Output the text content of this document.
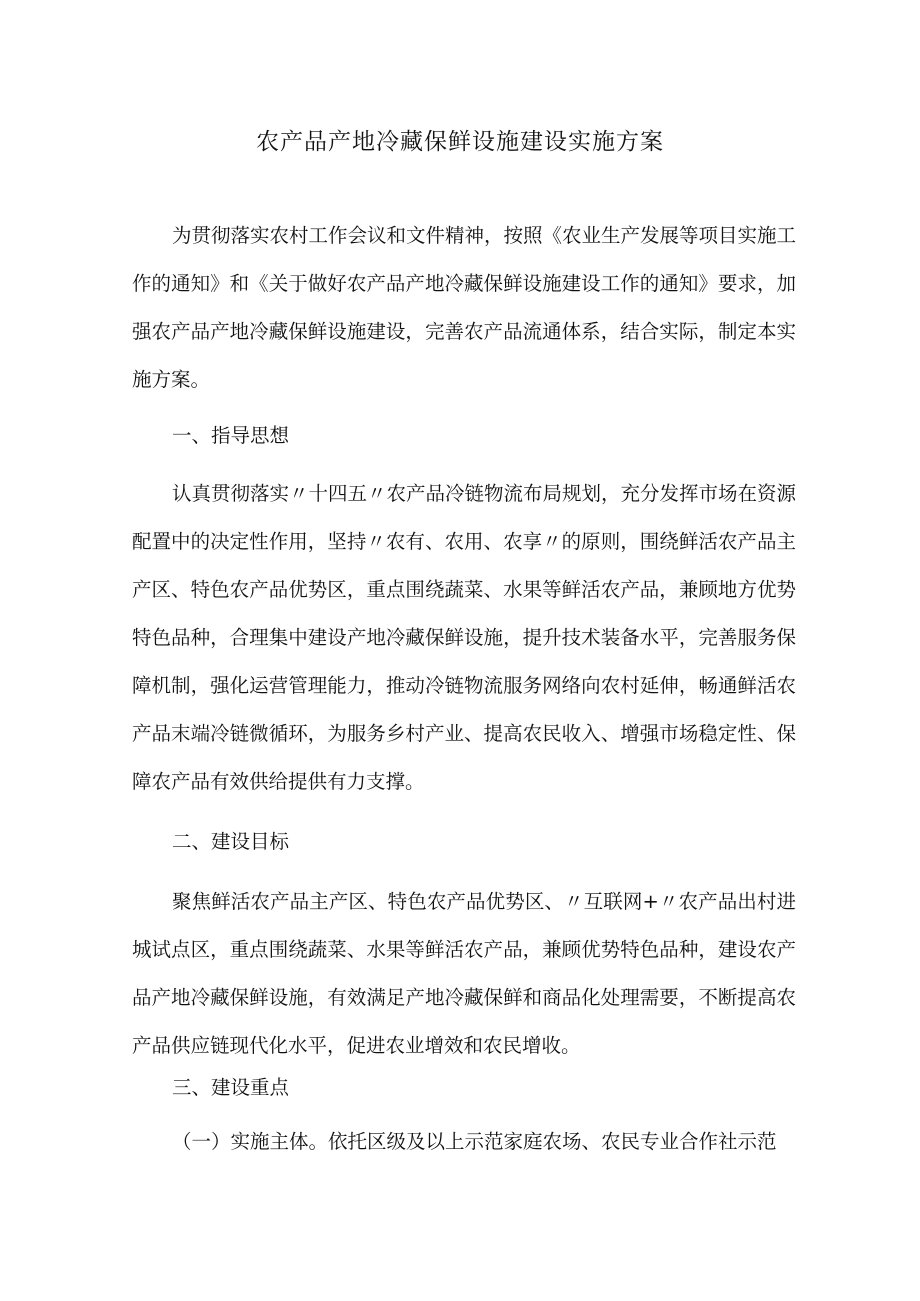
农产品产地冷藏保鲜设施建设实施方案

为贯彻落实农村工作会议和文件精神，按照《农业生产发展等项目实施工作的通知》和《关于做好农产品产地冷藏保鲜设施建设工作的通知》要求，加强农产品产地冷藏保鲜设施建设，完善农产品流通体系，结合实际，制定本实施方案。

一、指导思想

认真贯彻落实〃十四五〃农产品冷链物流布局规划，充分发挥市场在资源配置中的决定性作用，坚持〃农有、农用、农享〃的原则，围绕鲜活农产品主产区、特色农产品优势区，重点围绕蔬菜、水果等鲜活农产品，兼顾地方优势特色品种，合理集中建设产地冷藏保鲜设施，提升技术装备水平，完善服务保障机制，强化运营管理能力，推动冷链物流服务网络向农村延伸，畅通鲜活农产品末端冷链微循环，为服务乡村产业、提高农民收入、增强市场稳定性、保障农产品有效供给提供有力支撑。

二、建设目标

聚焦鲜活农产品主产区、特色农产品优势区、〃互联网+〃农产品出村进城试点区，重点围绕蔬菜、水果等鲜活农产品，兼顾优势特色品种，建设农产品产地冷藏保鲜设施，有效满足产地冷藏保鲜和商品化处理需要，不断提高农产品供应链现代化水平，促进农业增效和农民增收。

三、建设重点

（一）实施主体。依托区级及以上示范家庭农场、农民专业合作社示范
